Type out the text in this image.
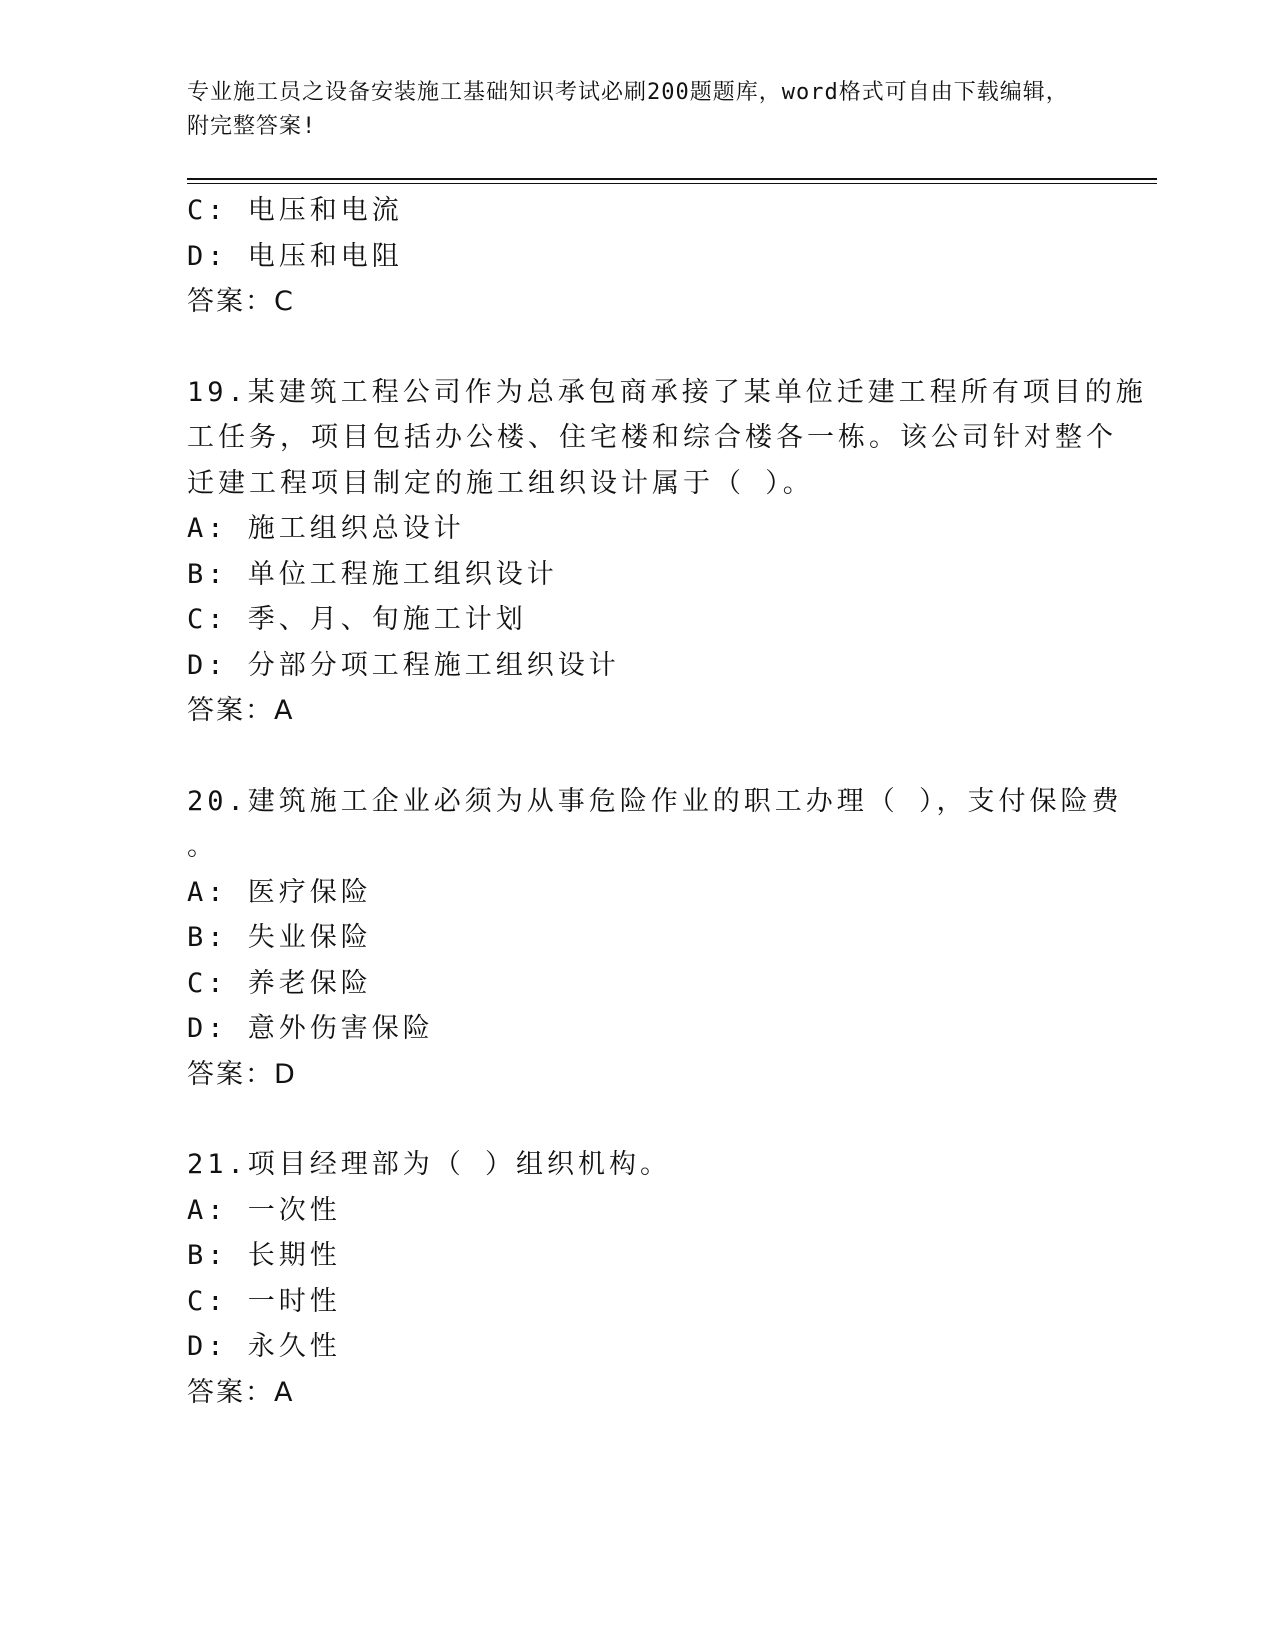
专业施工员之设备安装施工基础知识考试必刷200题题库，word格式可自由下载编辑，附完整答案!
C: 电压和电流
D: 电压和电阻
答案：C
19.某建筑工程公司作为总承包商承接了某单位迁建工程所有项目的施
工任务，项目包括办公楼、住宅楼和综合楼各一栋。该公司针对整个
迁建工程项目制定的施工组织设计属于（ ）。
A: 施工组织总设计
B: 单位工程施工组织设计
C: 季、月、旬施工计划
D: 分部分项工程施工组织设计
答案：A
20.建筑施工企业必须为从事危险作业的职工办理（ ），支付保险费
。
A: 医疗保险
B: 失业保险
C: 养老保险
D: 意外伤害保险
答案：D
21.项目经理部为（ ）组织机构。
A: 一次性
B: 长期性
C: 一时性
D: 永久性
答案：A
